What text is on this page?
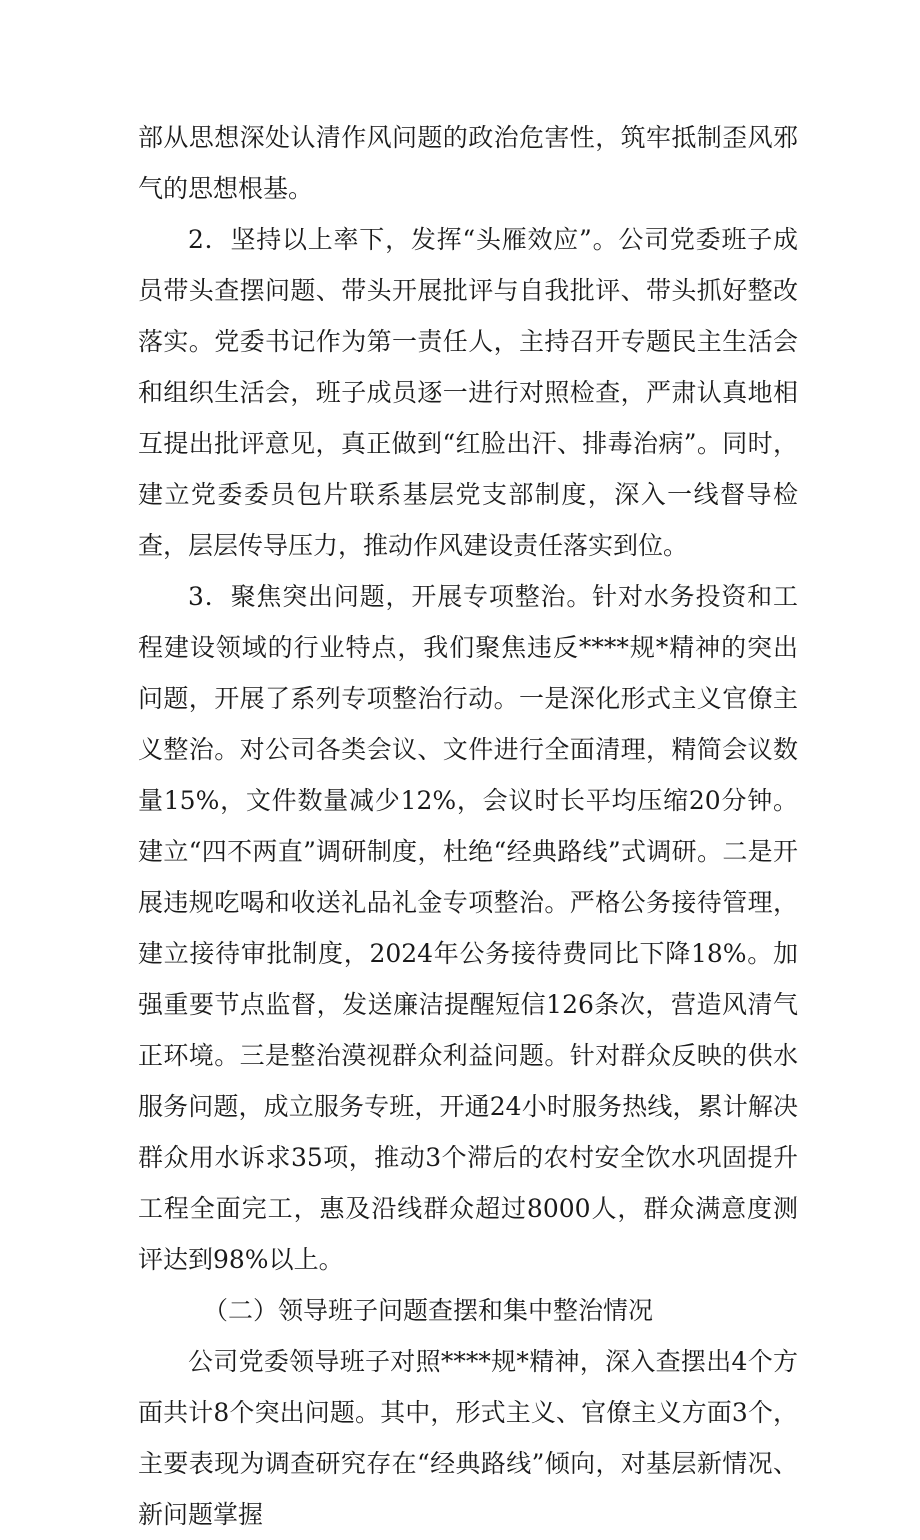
部从思想深处认清作风问题的政治危害性，筑牢抵制歪风邪气的思想根基。

2．坚持以上率下，发挥“头雁效应”。公司党委班子成员带头查摆问题、带头开展批评与自我批评、带头抓好整改落实。党委书记作为第一责任人，主持召开专题民主生活会和组织生活会，班子成员逐一进行对照检查，严肃认真地相互提出批评意见，真正做到“红脸出汗、排毒治病”。同时，建立党委委员包片联系基层党支部制度，深入一线督导检查，层层传导压力，推动作风建设责任落实到位。

3．聚焦突出问题，开展专项整治。针对水务投资和工程建设领域的行业特点，我们聚焦违反****规*精神的突出问题，开展了系列专项整治行动。一是深化形式主义官僚主义整治。对公司各类会议、文件进行全面清理，精简会议数量15%，文件数量减少12%，会议时长平均压缩20分钟。建立“四不两直”调研制度，杜绝“经典路线”式调研。二是开展违规吃喝和收送礼品礼金专项整治。严格公务接待管理，建立接待审批制度，2024年公务接待费同比下降18%。加强重要节点监督，发送廉洁提醒短信126条次，营造风清气正环境。三是整治漠视群众利益问题。针对群众反映的供水服务问题，成立服务专班，开通24小时服务热线，累计解决群众用水诉求35项，推动3个滞后的农村安全饮水巩固提升工程全面完工，惠及沿线群众超过8000人，群众满意度测评达到98%以上。

（二）领导班子问题查摆和集中整治情况

公司党委领导班子对照****规*精神，深入查摆出4个方面共计8个突出问题。其中，形式主义、官僚主义方面3个，主要表现为调查研究存在“经典路线”倾向，对基层新情况、新问题掌握
